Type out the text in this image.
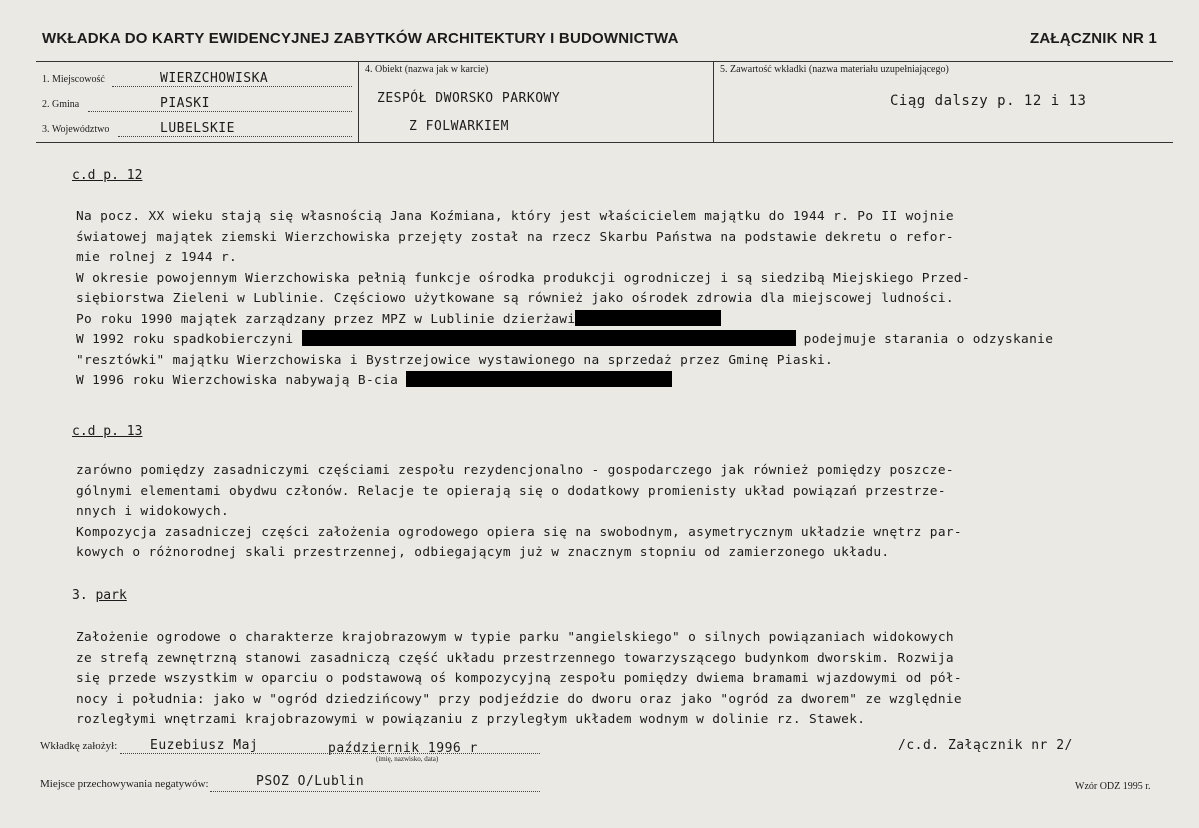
WKŁADKA DO KARTY EWIDENCYJNEJ ZABYTKÓW ARCHITEKTURY I BUDOWNICTWA	ZAŁĄCZNIK NR 1
1. Miejscowość	WIERZCHOWISKA
2. Gmina	PIASKI
3. Województwo	LUBELSKIE
4. Obiekt (nazwa jak w karcie)
ZESPÓŁ DWORSKO PARKOWY
Z FOLWARKIEM
5. Zawartość wkładki (nazwa materiału uzupełniającego)
Ciąg dalszy p. 12 i 13
c.d p. 12
Na pocz. XX wieku stają się własnością Jana Koźmiana, który jest właścicielem majątku do 1944 r. Po II wojnie
światowej majątek ziemski Wierzchowiska przejęty został na rzecz Skarbu Państwa na podstawie dekretu o refor-
mie rolnej z 1944 r.
W okresie powojennym Wierzchowiska pełnią funkcje ośrodka produkcji ogrodniczej i są siedzibą Miejskiego Przed-
siębiorstwa Zieleni w Lublinie. Częściowo użytkowane są również jako ośrodek zdrowia dla miejscowej ludności.
Po roku 1990 majątek zarządzany przez MPZ w Lublinie dzierżawi
W 1992 roku spadkobierczyni	podejmuje starania o odzyskanie
"resztówki" majątku Wierzchowiska i Bystrzejowice wystawionego na sprzedaż przez Gminę Piaski.
W 1996 roku Wierzchowiska nabywają B-cia
c.d p. 13
zarówno pomiędzy zasadniczymi częściami zespołu rezydencjonalno - gospodarczego jak również pomiędzy poszcze-
gólnymi elementami obydwu członów. Relacje te opierają się o dodatkowy promienisty układ powiązań przestrze-
nnych i widokowych.
Kompozycja zasadniczej części założenia ogrodowego opiera się na swobodnym, asymetrycznym układzie wnętrz par-
kowych o różnorodnej skali przestrzennej, odbiegającym już w znacznym stopniu od zamierzonego układu.
3. park
Założenie ogrodowe o charakterze krajobrazowym w typie parku "angielskiego" o silnych powiązaniach widokowych
ze strefą zewnętrzną stanowi zasadniczą część układu przestrzennego towarzyszącego budynkom dworskim. Rozwija
się przede wszystkim w oparciu o podstawową oś kompozycyjną zespołu pomiędzy dwiema bramami wjazdowymi od pół-
nocy i południa: jako w "ogród dziedzińcowy" przy podjeździe do dworu oraz jako "ogród za dworem" ze względnie
rozległymi wnętrzami krajobrazowymi w powiązaniu z przyległym układem wodnym w dolinie rz. Stawek.
Wkładkę założył:	Euzebiusz Maj	październik 1996 r
(imię, nazwisko, data)
/c.d. Załącznik nr 2/
Miejsce przechowywania negatywów:	PSOZ O/Lublin	Wzór ODZ 1995 r.
